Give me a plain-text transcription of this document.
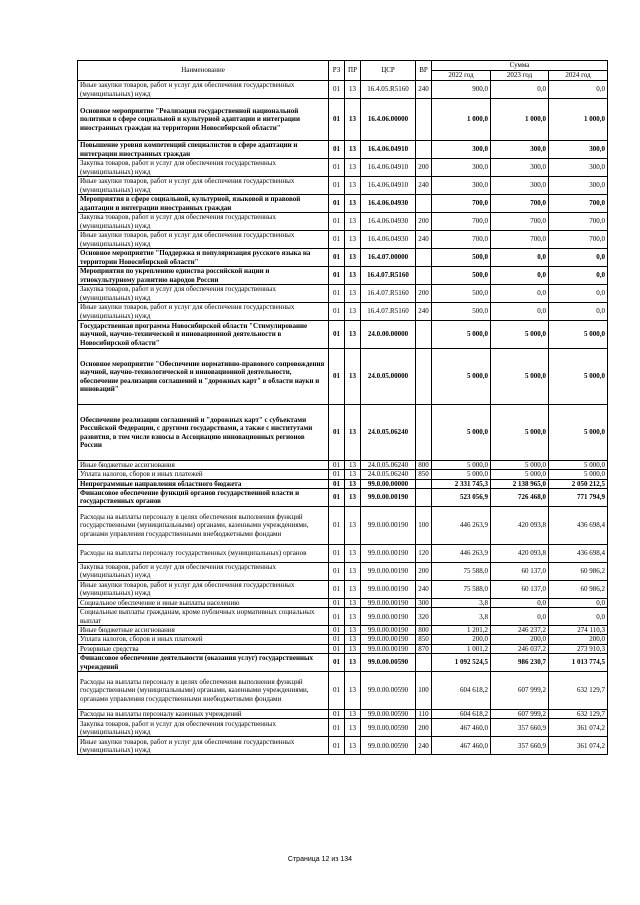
Наименование	РЗ	ПР	ЦСР	ВР	Сумма		
					2022 год	2023 год	2024 год
Иные закупки товаров, работ и услуг для обеспечения государственных (муниципальных) нужд	01	13	16.4.05.R5160	240	900,0	0,0	0,0
Основное мероприятие "Реализация государственной национальной политики в сфере социальной и культурной адаптации и интеграции иностранных граждан на территории Новосибирской области"	01	13	16.4.06.00000		1 000,0	1 000,0	1 000,0
Повышение уровня компетенций специалистов в сфере адаптации и интеграции иностранных граждан	01	13	16.4.06.04910		300,0	300,0	300,0
Закупка товаров, работ и услуг для обеспечения государственных (муниципальных) нужд	01	13	16.4.06.04910	200	300,0	300,0	300,0
Иные закупки товаров, работ и услуг для обеспечения государственных (муниципальных) нужд	01	13	16.4.06.04910	240	300,0	300,0	300,0
Мероприятия в сфере социальной, культурной, языковой и правовой адаптации и интеграции иностранных граждан	01	13	16.4.06.04930		700,0	700,0	700,0
Закупка товаров, работ и услуг для обеспечения государственных (муниципальных) нужд	01	13	16.4.06.04930	200	700,0	700,0	700,0
Иные закупки товаров, работ и услуг для обеспечения государственных (муниципальных) нужд	01	13	16.4.06.04930	240	700,0	700,0	700,0
Основное мероприятие "Поддержка и популяризация русского языка на территории Новосибирской области"	01	13	16.4.07.00000		500,0	0,0	0,0
Мероприятия по укреплению единства российской нации и этнокультурному развитию народов России	01	13	16.4.07.R5160		500,0	0,0	0,0
Закупка товаров, работ и услуг для обеспечения государственных (муниципальных) нужд	01	13	16.4.07.R5160	200	500,0	0,0	0,0
Иные закупки товаров, работ и услуг для обеспечения государственных (муниципальных) нужд	01	13	16.4.07.R5160	240	500,0	0,0	0,0
Государственная программа Новосибирской области "Стимулирование научной, научно-технической и инновационной деятельности в Новосибирской области"	01	13	24.0.00.00000		5 000,0	5 000,0	5 000,0
Основное мероприятие "Обеспечение нормативно-правового сопровождения научной, научно-технологической и инновационной деятельности, обеспечение реализации соглашений и "дорожных карт" в области науки и инноваций"	01	13	24.0.05.00000		5 000,0	5 000,0	5 000,0
Обеспечение реализации соглашений и "дорожных карт" с субъектами Российской Федерации, с другими государствами, а также с институтами развития, в том числе взносы в Ассоциацию инновационных регионов России	01	13	24.0.05.06240		5 000,0	5 000,0	5 000,0
Иные бюджетные ассигнования	01	13	24.0.05.06240	800	5 000,0	5 000,0	5 000,0
Уплата налогов, сборов и иных платежей	01	13	24.0.05.06240	850	5 000,0	5 000,0	5 000,0
Непрограммные направления областного бюджета	01	13	99.0.00.00000		2 331 745,3	2 138 965,0	2 050 212,5
Финансовое обеспечение функций органов государственной власти и государственных органов	01	13	99.0.00.00190		523 056,9	726 468,0	771 794,9
Расходы на выплаты персоналу в целях обеспечения выполнения функций государственными (муниципальными) органами, казенными учреждениями, органами управления государственными внебюджетными фондами	01	13	99.0.00.00190	100	446 263,9	420 093,8	436 698,4
Расходы на выплаты персоналу государственных (муниципальных) органов	01	13	99.0.00.00190	120	446 263,9	420 093,8	436 698,4
Закупка товаров, работ и услуг для обеспечения государственных (муниципальных) нужд	01	13	99.0.00.00190	200	75 588,0	60 137,0	60 986,2
Иные закупки товаров, работ и услуг для обеспечения государственных (муниципальных) нужд	01	13	99.0.00.00190	240	75 588,0	60 137,0	60 986,2
Социальное обеспечение и иные выплаты населению	01	13	99.0.00.00190	300	3,8	0,0	0,0
Социальные выплаты гражданам, кроме публичных нормативных социальных выплат	01	13	99.0.00.00190	320	3,8	0,0	0,0
Иные бюджетные ассигнования	01	13	99.0.00.00190	800	1 201,2	246 237,2	274 110,3
Уплата налогов, сборов и иных платежей	01	13	99.0.00.00190	850	200,0	200,0	200,0
Резервные средства	01	13	99.0.00.00190	870	1 001,2	246 037,2	273 910,3
Финансовое обеспечение деятельности (оказания услуг) государственных учреждений	01	13	99.0.00.00590		1 092 524,5	986 230,7	1 013 774,5
Расходы на выплаты персоналу в целях обеспечения выполнения функций государственными (муниципальными) органами, казенными учреждениями, органами управления государственными внебюджетными фондами	01	13	99.0.00.00590	100	604 618,2	607 999,2	632 129,7
Расходы на выплаты персоналу казенных учреждений	01	13	99.0.00.00590	110	604 618,2	607 999,2	632 129,7
Закупка товаров, работ и услуг для обеспечения государственных (муниципальных) нужд	01	13	99.0.00.00590	200	467 460,0	357 660,9	361 074,2
Иные закупки товаров, работ и услуг для обеспечения государственных (муниципальных) нужд	01	13	99.0.00.00590	240	467 460,0	357 660,9	361 074,2
Страница 12 из 134
